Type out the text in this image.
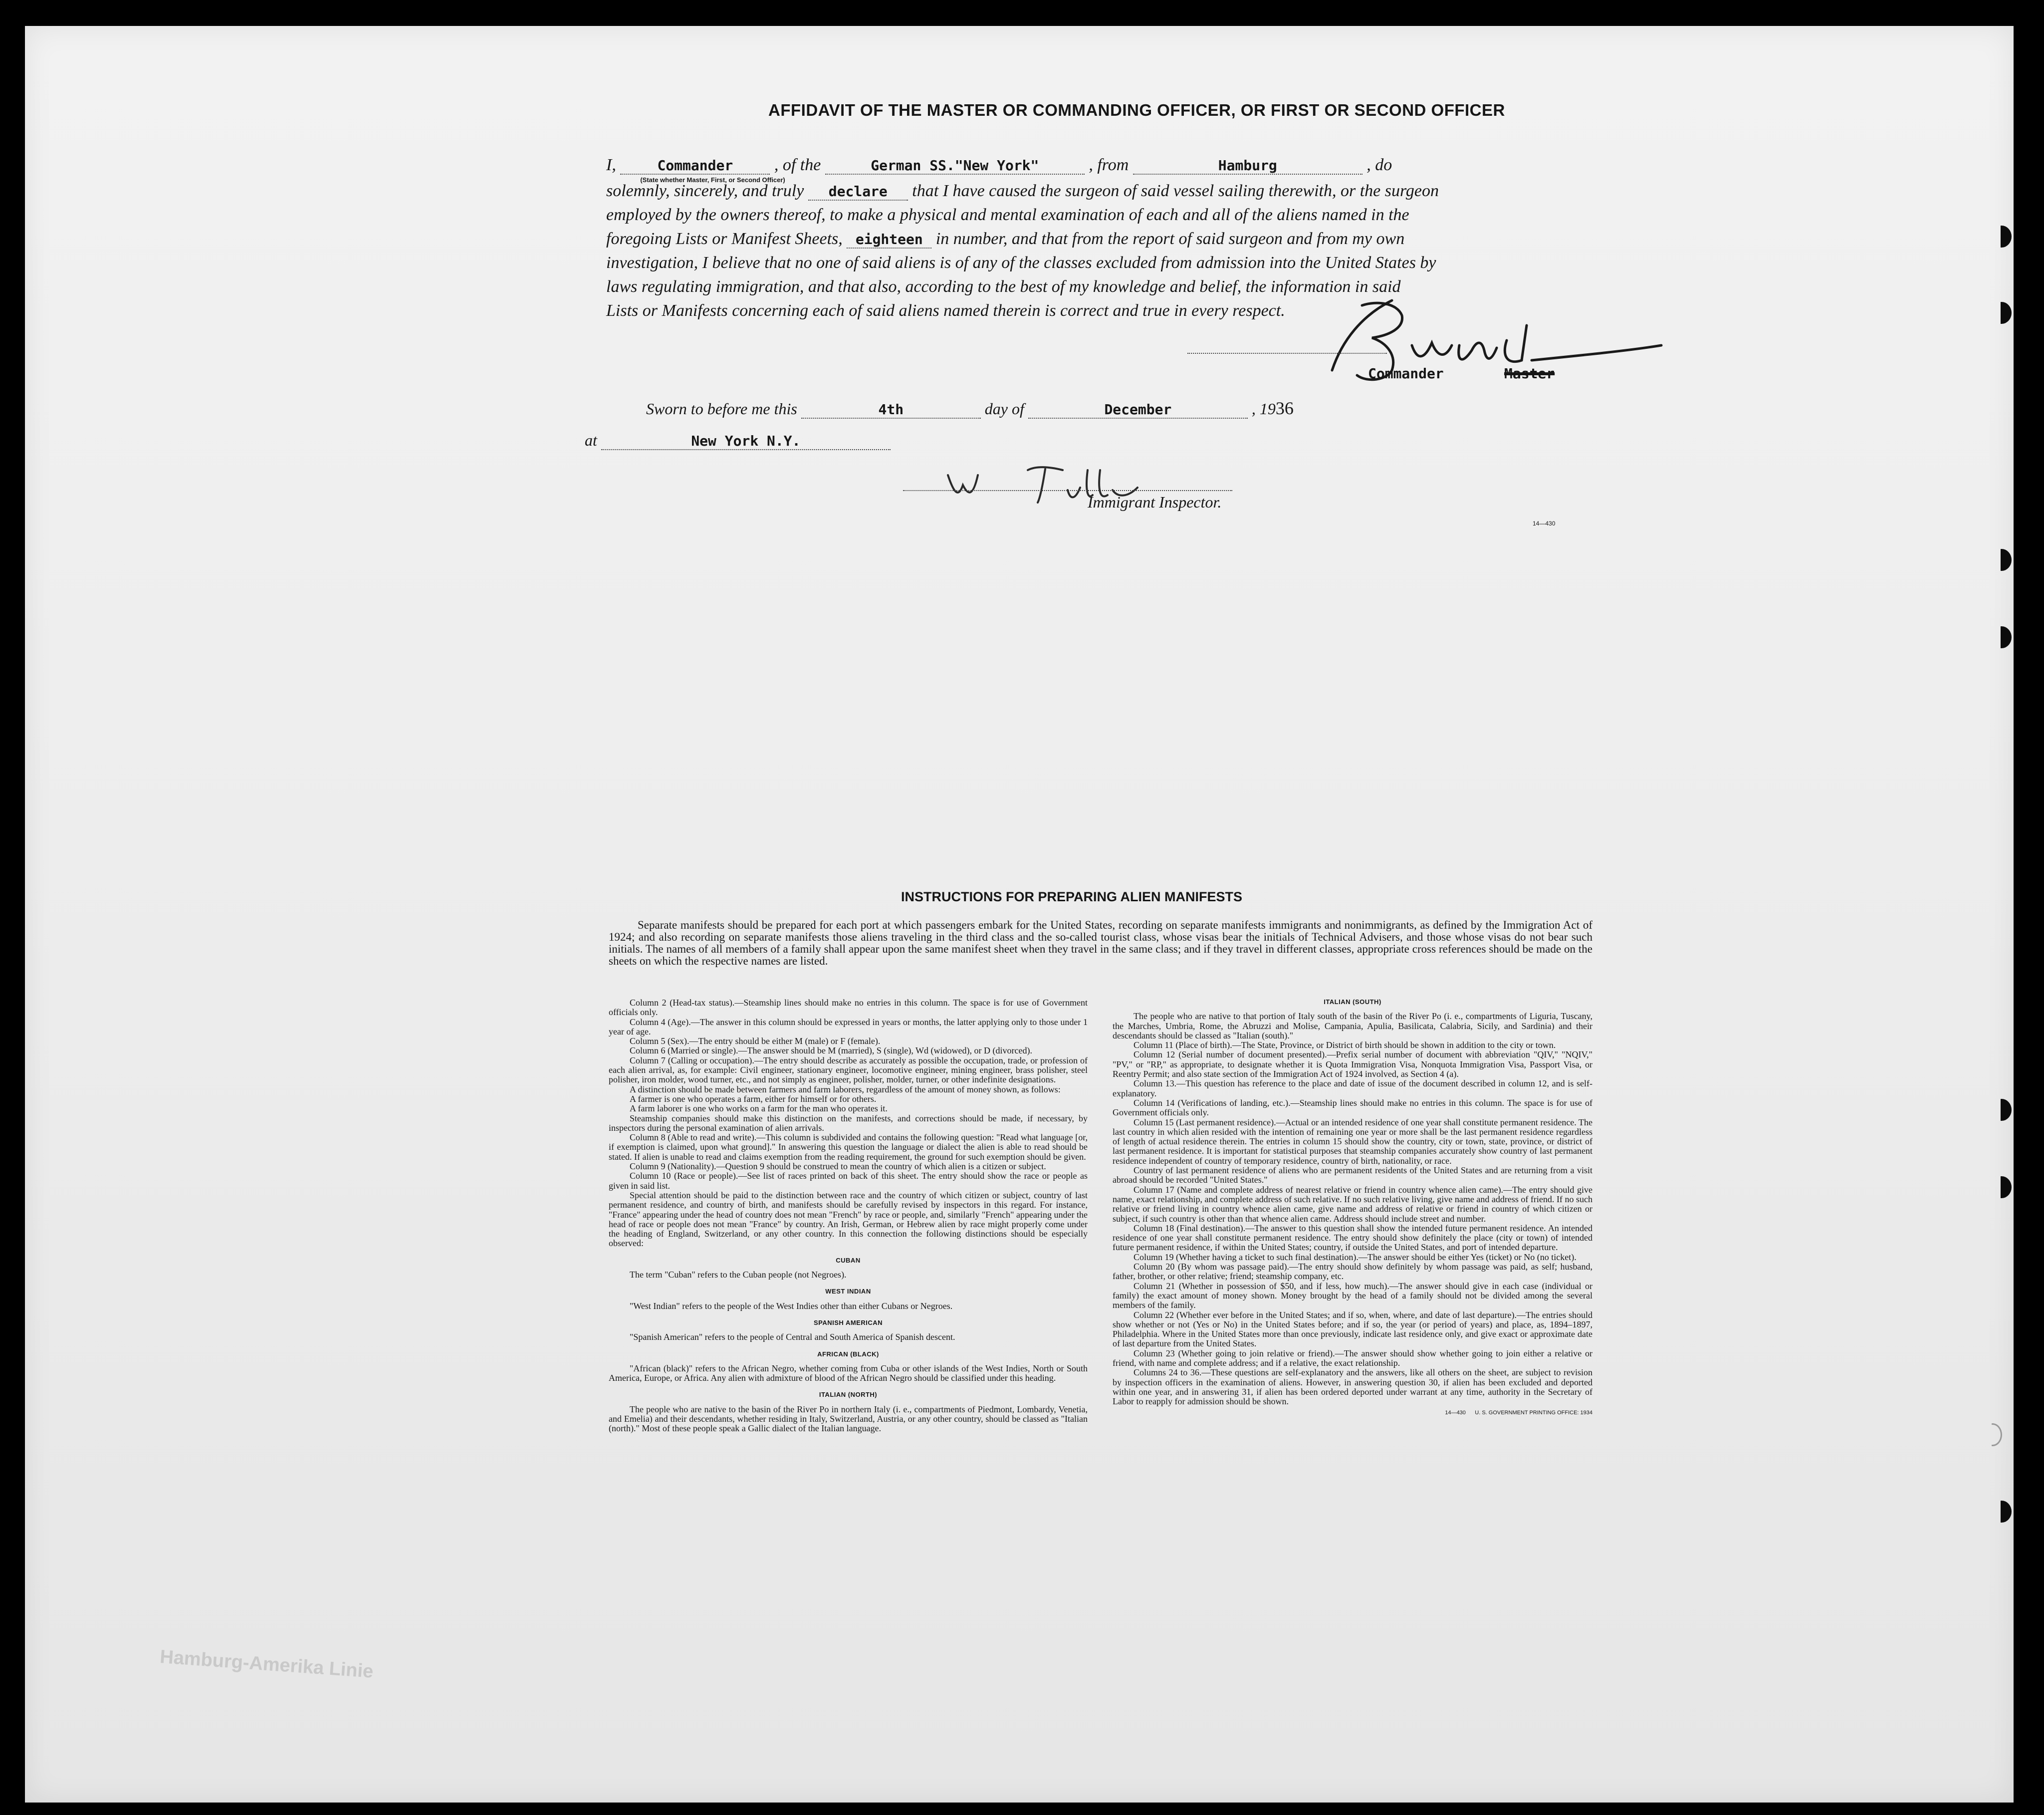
AFFIDAVIT OF THE MASTER OR COMMANDING OFFICER, OR FIRST OR SECOND OFFICER
I,	Commander
(State whether Master, First, or Second Officer)
, of the	German SS."New York"	, from	Hamburg	, do
solemnly, sincerely, and truly declare that I have caused the surgeon of said vessel sailing therewith, or the surgeon
employed by the owners thereof, to make a physical and mental examination of each and all of the aliens named in the
foregoing Lists or Manifest Sheets, eighteen in number, and that from the report of said surgeon and from my own
investigation, I believe that no one of said aliens is of any of the classes excluded from admission into the United States by
laws regulating immigration, and that also, according to the best of my knowledge and belief, the information in said
Lists or Manifests concerning each of said aliens named therein is correct and true in every respect.
Commander	Master
Sworn to before me this	4th	day of	December	, 1936
at	New York N.Y.
Immigrant Inspector.
14—430
INSTRUCTIONS FOR PREPARING ALIEN MANIFESTS
Separate manifests should be prepared for each port at which passengers embark for the United States, recording on separate manifests immigrants and nonimmigrants, as defined by the Immigration Act of 1924; and also recording on separate manifests those aliens traveling in the third class and the so-called tourist class, whose visas bear the initials of Technical Advisers, and those whose visas do not bear such initials. The names of all members of a family shall appear upon the same manifest sheet when they travel in the same class; and if they travel in different classes, appropriate cross references should be made on the sheets on which the respective names are listed.

Column 2 (Head-tax status).—Steamship lines should make no entries in this column. The space is for use of Government officials only.

Column 4 (Age).—The answer in this column should be expressed in years or months, the latter applying only to those under 1 year of age.

Column 5 (Sex).—The entry should be either M (male) or F (female).

Column 6 (Married or single).—The answer should be M (married), S (single), Wd (widowed), or D (divorced).

Column 7 (Calling or occupation).—The entry should describe as accurately as possible the occupation, trade, or profession of each alien arrival, as, for example: Civil engineer, stationary engineer, locomotive engineer, mining engineer, brass polisher, steel polisher, iron molder, wood turner, etc., and not simply as engineer, polisher, molder, turner, or other indefinite designations.

A distinction should be made between farmers and farm laborers, regardless of the amount of money shown, as follows:

A farmer is one who operates a farm, either for himself or for others.

A farm laborer is one who works on a farm for the man who operates it.

Steamship companies should make this distinction on the manifests, and corrections should be made, if necessary, by inspectors during the personal examination of alien arrivals.

Column 8 (Able to read and write).—This column is subdivided and contains the following question: "Read what language [or, if exemption is claimed, upon what ground]." In answering this question the language or dialect the alien is able to read should be stated. If alien is unable to read and claims exemption from the reading requirement, the ground for such exemption should be given.

Column 9 (Nationality).—Question 9 should be construed to mean the country of which alien is a citizen or subject.

Column 10 (Race or people).—See list of races printed on back of this sheet. The entry should show the race or people as given in said list.

Special attention should be paid to the distinction between race and the country of which citizen or subject, country of last permanent residence, and country of birth, and manifests should be carefully revised by inspectors in this regard. For instance, "France" appearing under the head of country does not mean "French" by race or people, and, similarly "French" appearing under the head of race or people does not mean "France" by country. An Irish, German, or Hebrew alien by race might properly come under the heading of England, Switzerland, or any other country. In this connection the following distinctions should be especially observed:

CUBAN

The term "Cuban" refers to the Cuban people (not Negroes).

WEST INDIAN

"West Indian" refers to the people of the West Indies other than either Cubans or Negroes.

SPANISH AMERICAN

"Spanish American" refers to the people of Central and South America of Spanish descent.

AFRICAN (BLACK)

"African (black)" refers to the African Negro, whether coming from Cuba or other islands of the West Indies, North or South America, Europe, or Africa. Any alien with admixture of blood of the African Negro should be classified under this heading.

ITALIAN (NORTH)

The people who are native to the basin of the River Po in northern Italy (i. e., compartments of Piedmont, Lombardy, Venetia, and Emelia) and their descendants, whether residing in Italy, Switzerland, Austria, or any other country, should be classed as "Italian (north)." Most of these people speak a Gallic dialect of the Italian language.

ITALIAN (SOUTH)

The people who are native to that portion of Italy south of the basin of the River Po (i. e., compartments of Liguria, Tuscany, the Marches, Umbria, Rome, the Abruzzi and Molise, Campania, Apulia, Basilicata, Calabria, Sicily, and Sardinia) and their descendants should be classed as "Italian (south)."

Column 11 (Place of birth).—The State, Province, or District of birth should be shown in addition to the city or town.

Column 12 (Serial number of document presented).—Prefix serial number of document with abbreviation "QIV," "NQIV," "PV," or "RP," as appropriate, to designate whether it is Quota Immigration Visa, Nonquota Immigration Visa, Passport Visa, or Reentry Permit; and also state section of the Immigration Act of 1924 involved, as Section 4 (a).

Column 13.—This question has reference to the place and date of issue of the document described in column 12, and is self-explanatory.

Column 14 (Verifications of landing, etc.).—Steamship lines should make no entries in this column. The space is for use of Government officials only.

Column 15 (Last permanent residence).—Actual or an intended residence of one year shall constitute permanent residence. The last country in which alien resided with the intention of remaining one year or more shall be the last permanent residence regardless of length of actual residence therein. The entries in column 15 should show the country, city or town, state, province, or district of last permanent residence. It is important for statistical purposes that steamship companies accurately show country of last permanent residence independent of country of temporary residence, country of birth, nationality, or race.

Country of last permanent residence of aliens who are permanent residents of the United States and are returning from a visit abroad should be recorded "United States."

Column 17 (Name and complete address of nearest relative or friend in country whence alien came).—The entry should give name, exact relationship, and complete address of such relative. If no such relative living, give name and address of friend. If no such relative or friend living in country whence alien came, give name and address of relative or friend in country of which citizen or subject, if such country is other than that whence alien came. Address should include street and number.

Column 18 (Final destination).—The answer to this question shall show the intended future permanent residence. An intended residence of one year shall constitute permanent residence. The entry should show definitely the place (city or town) of intended future permanent residence, if within the United States; country, if outside the United States, and port of intended departure.

Column 19 (Whether having a ticket to such final destination).—The answer should be either Yes (ticket) or No (no ticket).

Column 20 (By whom was passage paid).—The entry should show definitely by whom passage was paid, as self; husband, father, brother, or other relative; friend; steamship company, etc.

Column 21 (Whether in possession of $50, and if less, how much).—The answer should give in each case (individual or family) the exact amount of money shown. Money brought by the head of a family should not be divided among the several members of the family.

Column 22 (Whether ever before in the United States; and if so, when, where, and date of last departure).—The entries should show whether or not (Yes or No) in the United States before; and if so, the year (or period of years) and place, as, 1894–1897, Philadelphia. Where in the United States more than once previously, indicate last residence only, and give exact or approximate date of last departure from the United States.

Column 23 (Whether going to join relative or friend).—The answer should show whether going to join either a relative or friend, with name and complete address; and if a relative, the exact relationship.

Columns 24 to 36.—These questions are self-explanatory and the answers, like all others on the sheet, are subject to revision by inspection officers in the examination of aliens. However, in answering question 30, if alien has been excluded and deported within one year, and in answering 31, if alien has been ordered deported under warrant at any time, authority in the Secretary of Labor to reapply for admission should be shown.

14—430 U. S. GOVERNMENT PRINTING OFFICE: 1934
Hamburg-Amerika Linie
